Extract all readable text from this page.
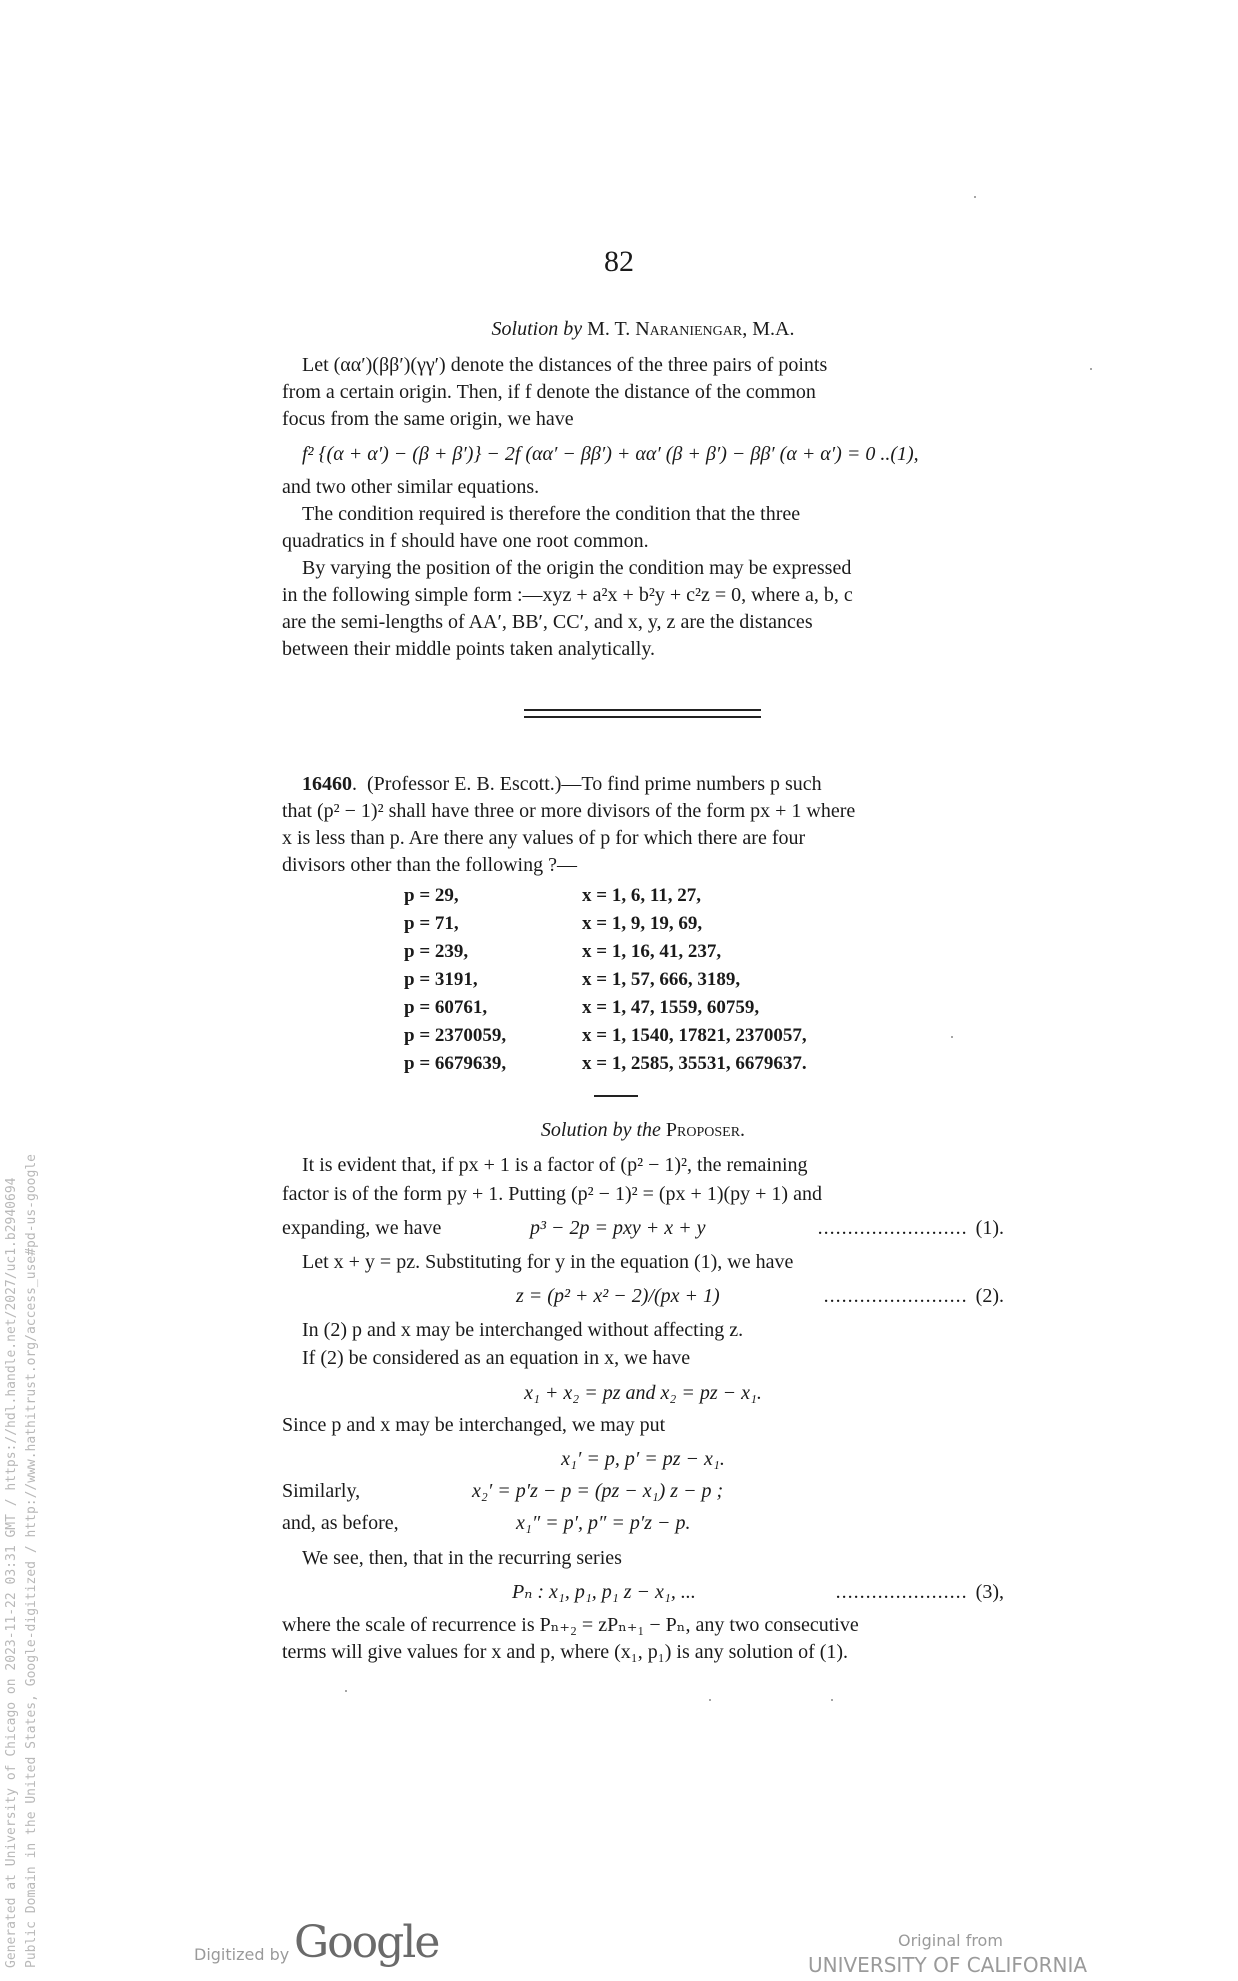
82
Solution by M. T. Naraniengar, M.A.
Let (αα′)(ββ′)(γγ′) denote the distances of the three pairs of points
from a certain origin. Then, if f denote the distance of the common
focus from the same origin, we have
f² {(α + α′) − (β + β′)} − 2f (αα′ − ββ′) + αα′ (β + β′) − ββ′ (α + α′) = 0 ..(1),
and two other similar equations.
The condition required is therefore the condition that the three
quadratics in f should have one root common.
By varying the position of the origin the condition may be expressed
in the following simple form :—xyz + a²x + b²y + c²z = 0, where a, b, c
are the semi-lengths of AA′, BB′, CC′, and x, y, z are the distances
between their middle points taken analytically.
16460.  (Professor E. B. Escott.)—To find prime numbers p such
that (p² − 1)² shall have three or more divisors of the form px + 1 where
x is less than p. Are there any values of p for which there are four
divisors other than the following ?—
p = 29,	x = 1, 6, 11, 27,
p = 71,	x = 1, 9, 19, 69,
p = 239,	x = 1, 16, 41, 237,
p = 3191,	x = 1, 57, 666, 3189,
p = 60761,	x = 1, 47, 1559, 60759,
p = 2370059,	x = 1, 1540, 17821, 2370057,
p = 6679639,	x = 1, 2585, 35531, 6679637.
Solution by the Proposer.
It is evident that, if px + 1 is a factor of (p² − 1)², the remaining
factor is of the form py + 1. Putting (p² − 1)² = (px + 1)(py + 1) and
expanding, we have	p³ − 2p = pxy + x + y	......................... (1).
Let x + y = pz. Substituting for y in the equation (1), we have
z = (p² + x² − 2)/(px + 1)	........................ (2).
In (2) p and x may be interchanged without affecting z.
If (2) be considered as an equation in x, we have
x₁ + x₂ = pz and x₂ = pz − x₁.
Since p and x may be interchanged, we may put
x₁′ = p, p′ = pz − x₁.
Similarly,	x₂′ = p′z − p = (pz − x₁) z − p ;
and, as before,	x₁″ = p′, p″ = p′z − p.
We see, then, that in the recurring series
Pₙ : x₁, p₁, p₁ z − x₁, ...	...................... (3),
where the scale of recurrence is Pₙ₊₂ = zPₙ₊₁ − Pₙ, any two consecutive
terms will give values for x and p, where (x₁, p₁) is any solution of (1).
Generated at University of Chicago on 2023-11-22 03:31 GMT / https://hdl.handle.net/2027/uc1.b2940694 Public Domain in the United States, Google-digitized / http://www.hathitrust.org/access_use#pd-us-google	Digitized by Google	Original from
UNIVERSITY OF CALIFORNIA
